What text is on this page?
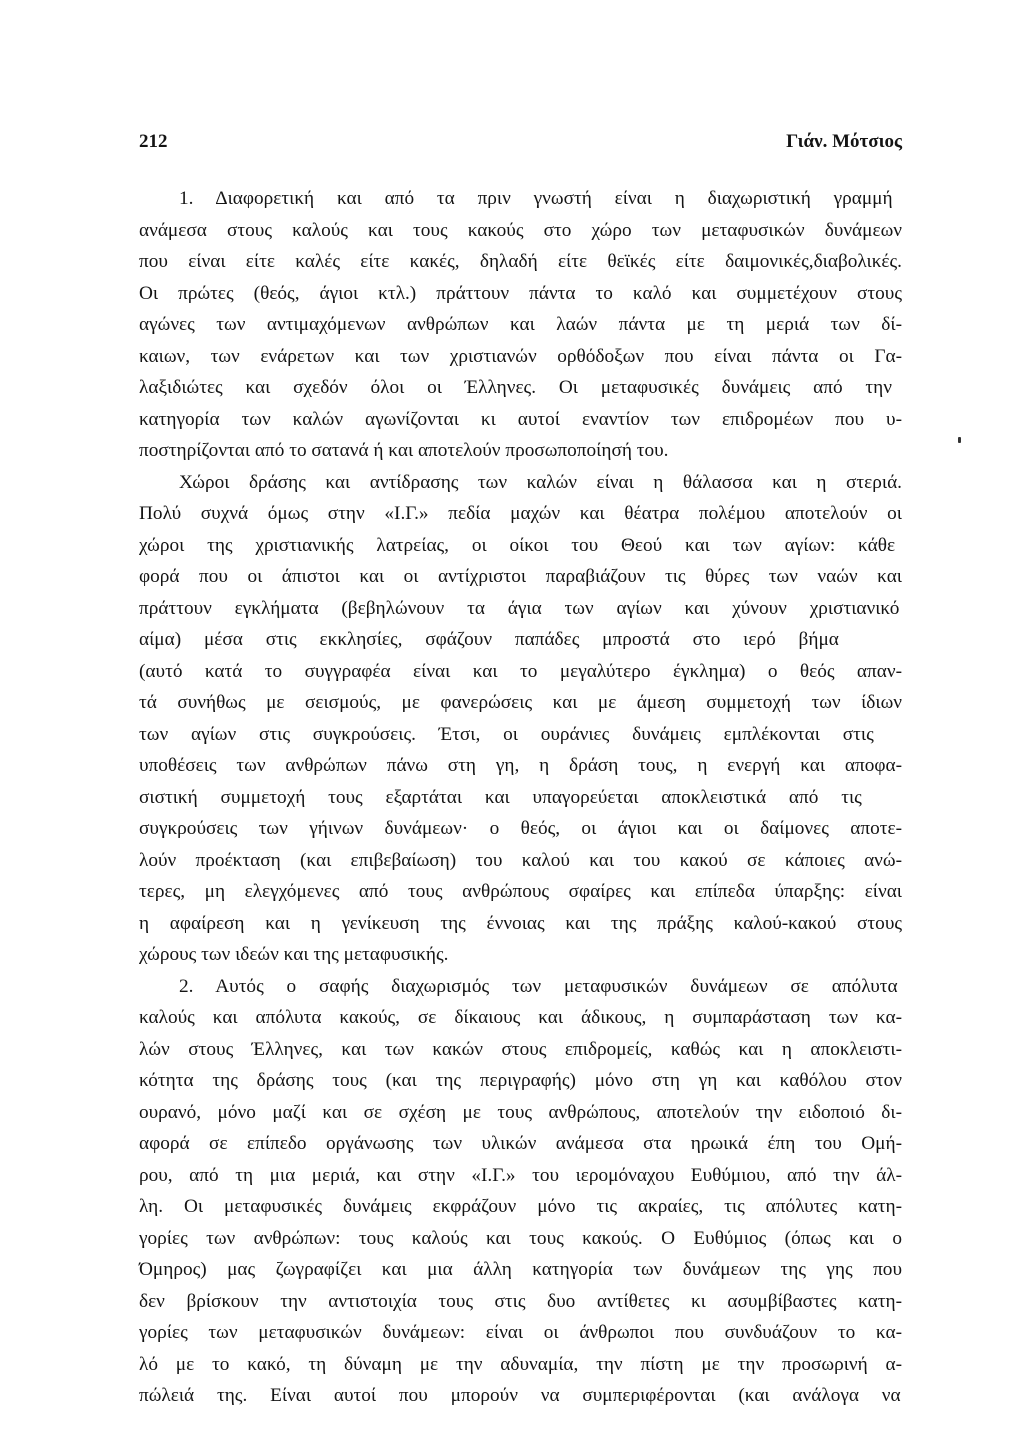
212	Γιάν. Μότσιος
1. Διαφορετική και από τα πριν γνωστή είναι η διαχωριστική γραμμή
ανάμεσα στους καλούς και τους κακούς στο χώρο των μεταφυσικών δυνάμεων
που είναι είτε καλές είτε κακές, δηλαδή είτε θεϊκές είτε δαιμονικές,διαβολικές.
Οι πρώτες (θεός, άγιοι κτλ.) πράττουν πάντα το καλό και συμμετέχουν στους
αγώνες των αντιμαχόμενων ανθρώπων και λαών πάντα με τη μεριά των δί-
καιων, των ενάρετων και των χριστιανών ορθόδοξων που είναι πάντα οι Γα-
λαξιδιώτες και σχεδόν όλοι οι Έλληνες. Οι μεταφυσικές δυνάμεις από την
κατηγορία των καλών αγωνίζονται κι αυτοί εναντίον των επιδρομέων που υ-
ποστηρίζονται από το σατανά ή και αποτελούν προσωποποίησή του.
Χώροι δράσης και αντίδρασης των καλών είναι η θάλασσα και η στεριά.
Πολύ συχνά όμως στην «Ι.Γ.» πεδία μαχών και θέατρα πολέμου αποτελούν οι
χώροι της χριστιανικής λατρείας, οι οίκοι του Θεού και των αγίων: κάθε
φορά που οι άπιστοι και οι αντίχριστοι παραβιάζουν τις θύρες των ναών και
πράττουν εγκλήματα (βεβηλώνουν τα άγια των αγίων και χύνουν χριστιανικό
αίμα) μέσα στις εκκλησίες, σφάζουν παπάδες μπροστά στο ιερό βήμα
(αυτό κατά το συγγραφέα είναι και το μεγαλύτερο έγκλημα) ο θεός απαν-
τά συνήθως με σεισμούς, με φανερώσεις και με άμεση συμμετοχή των ίδιων
των αγίων στις συγκρούσεις. Έτσι, οι ουράνιες δυνάμεις εμπλέκονται στις
υποθέσεις των ανθρώπων πάνω στη γη, η δράση τους, η ενεργή και αποφα-
σιστική συμμετοχή τους εξαρτάται και υπαγορεύεται αποκλειστικά από τις
συγκρούσεις των γήινων δυνάμεων· ο θεός, οι άγιοι και οι δαίμονες αποτε-
λούν προέκταση (και επιβεβαίωση) του καλού και του κακού σε κάποιες ανώ-
τερες, μη ελεγχόμενες από τους ανθρώπους σφαίρες και επίπεδα ύπαρξης: είναι
η αφαίρεση και η γενίκευση της έννοιας και της πράξης καλού-κακού στους
χώρους των ιδεών και της μεταφυσικής.
2. Αυτός ο σαφής διαχωρισμός των μεταφυσικών δυνάμεων σε απόλυτα
καλούς και απόλυτα κακούς, σε δίκαιους και άδικους, η συμπαράσταση των κα-
λών στους Έλληνες, και των κακών στους επιδρομείς, καθώς και η αποκλειστι-
κότητα της δράσης τους (και της περιγραφής) μόνο στη γη και καθόλου στον
ουρανό, μόνο μαζί και σε σχέση με τους ανθρώπους, αποτελούν την ειδοποιό δι-
αφορά σε επίπεδο οργάνωσης των υλικών ανάμεσα στα ηρωικά έπη του Ομή-
ρου, από τη μια μεριά, και στην «Ι.Γ.» του ιερομόναχου Ευθύμιου, από την άλ-
λη. Οι μεταφυσικές δυνάμεις εκφράζουν μόνο τις ακραίες, τις απόλυτες κατη-
γορίες των ανθρώπων: τους καλούς και τους κακούς. Ο Ευθύμιος (όπως και ο
Όμηρος) μας ζωγραφίζει και μια άλλη κατηγορία των δυνάμεων της γης που
δεν βρίσκουν την αντιστοιχία τους στις δυο αντίθετες κι ασυμβίβαστες κατη-
γορίες των μεταφυσικών δυνάμεων: είναι οι άνθρωποι που συνδυάζουν το κα-
λό με το κακό, τη δύναμη με την αδυναμία, την πίστη με την προσωρινή α-
πώλειά της. Είναι αυτοί που μπορούν να συμπεριφέρονται (και ανάλογα να
